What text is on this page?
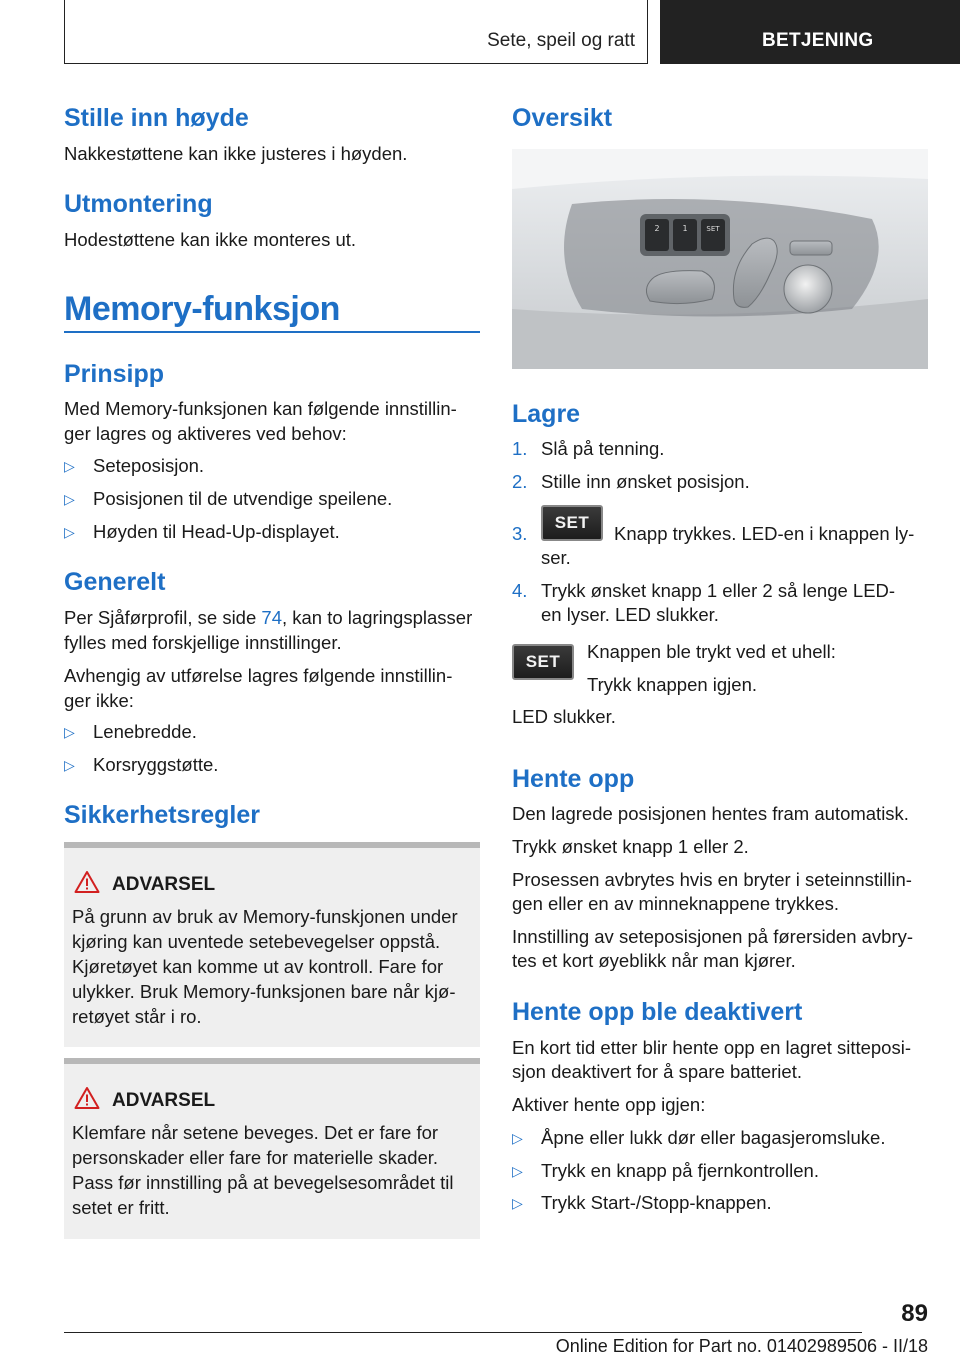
Sete, speil og ratt	BETJENING
Stille inn høyde

Nakkestøttene kan ikke justeres i høyden.

Utmontering

Hodestøttene kan ikke monteres ut.

Memory-funksjon
Prinsipp

Med Memory-funksjonen kan følgende innstillin-

ger lagres og aktiveres ved behov:

▷ Seteposisjon.
▷ Posisjonen til de utvendige speilene.
▷ Høyden til Head-Up-displayet.
Generelt

Per Sjåførprofil, se side 74, kan to lagringsplasser

fylles med forskjellige innstillinger.

Avhengig av utførelse lagres følgende innstillin-

ger ikke:

▷ Lenebredde.
▷ Korsryggstøtte.
Sikkerhetsregler
ADVARSEL
På grunn av bruk av Memory-funskjonen under
kjøring kan uventede setebevegelser oppstå.
Kjøretøyet kan komme ut av kontroll. Fare for
ulykker. Bruk Memory-funksjonen bare når kjø-
retøyet står i ro.
ADVARSEL
Klemfare når setene beveges. Det er fare for
personskader eller fare for materielle skader.
Pass før innstilling på at bevegelsesområdet til
setet er fritt.
Oversikt
2	1	SET
Lagre
1. Slå på tenning.

2. Stille inn ønsket posisjon.

3.
SET

Knapp trykkes. LED-en i knappen ly-

ser.

4. Trykk ønsket knapp 1 eller 2 så lenge LED-

en lyser. LED slukker.

SET	Knappen ble trykt ved et uhell:

Trykk knappen igjen.

LED slukker.

Hente opp

Den lagrede posisjonen hentes fram automatisk.

Trykk ønsket knapp 1 eller 2.

Prosessen avbrytes hvis en bryter i seteinnstillin-

gen eller en av minneknappene trykkes.

Innstilling av seteposisjonen på førersiden avbry-

tes et kort øyeblikk når man kjører.

Hente opp ble deaktivert

En kort tid etter blir hente opp en lagret sitteposi-

sjon deaktivert for å spare batteriet.

Aktiver hente opp igjen:

▷ Åpne eller lukk dør eller bagasjeromsluke.
▷ Trykk en knapp på fjernkontrollen.
▷ Trykk Start-/Stopp-knappen.
89
Online Edition for Part no. 01402989506 - II/18
